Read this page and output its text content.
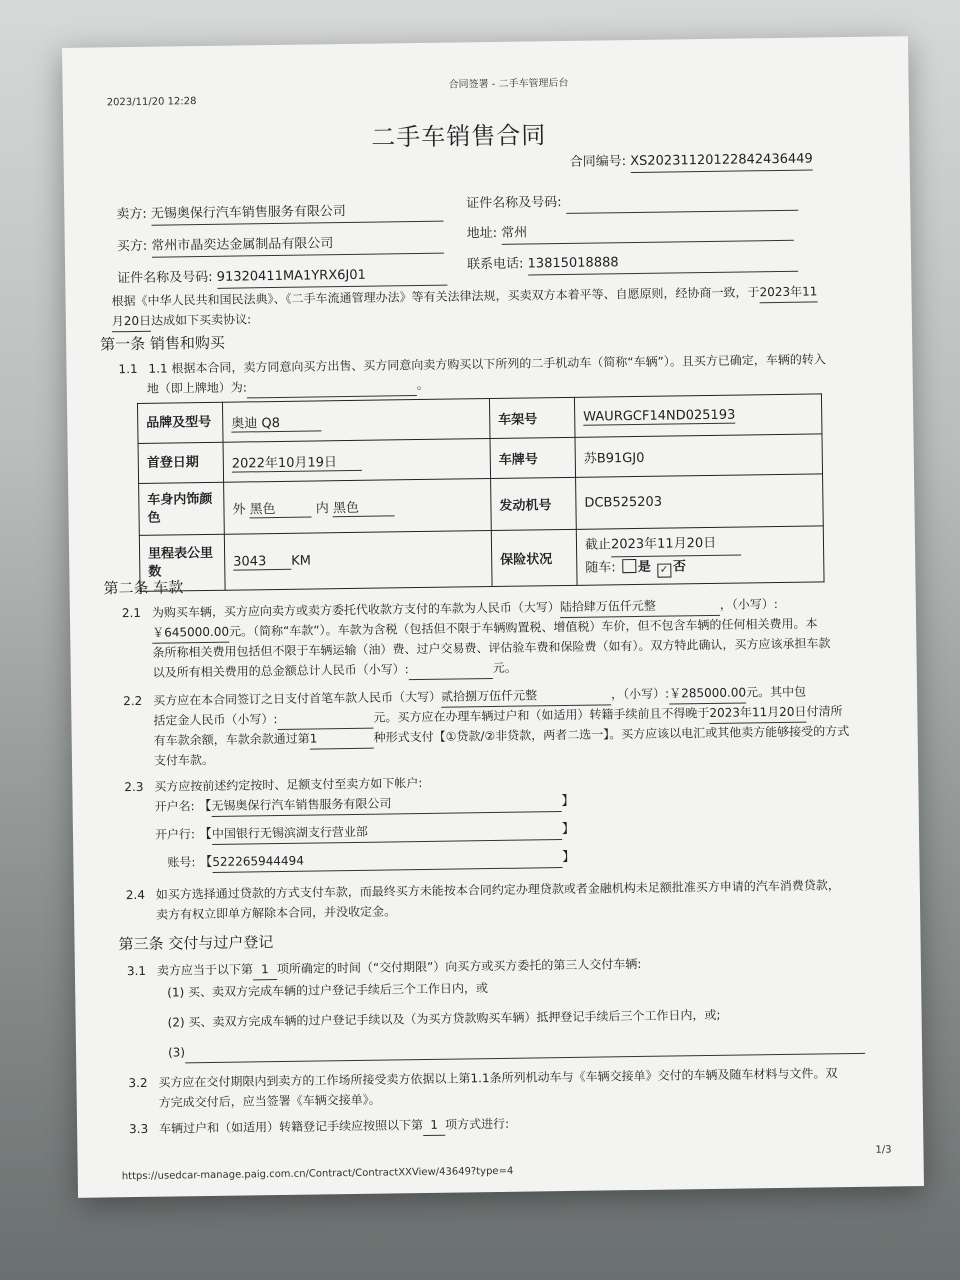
2023/11/20 12:28
合同签署 - 二手车管理后台
二手车销售合同
合同编号: XS20231120122842436449
卖方: 无锡奥保行汽车销售服务有限公司
证件名称及号码:
买方: 常州市晶奕达金属制品有限公司
地址: 常州
证件名称及号码: 91320411MA1YRX6J01
联系电话: 13815018888
根据《中华人民共和国民法典》、《二手车流通管理办法》等有关法律法规，买卖双方本着平等、自愿原则，经协商一致，于2023年11
月20日达成如下买卖协议:
第一条 销售和购买
1.1 1.1 根据本合同，卖方同意向买方出售、买方同意向卖方购买以下所列的二手机动车（简称“车辆”）。且买方已确定，车辆的转入
地（即上牌地）为:	。
品牌及型号	奥迪 Q8	车架号	WAURGCF14ND025193
首登日期	2022年10月19日	车牌号	苏B91GJ0
车身内饰颜色	外 黑色 内 黑色	发动机号	DCB525203
里程表公里数	3043 KM	保险状况	截止2023年11月20日
随车: 是 ✓ 否
第二条 车款
2.1 为购买车辆，买方应向卖方或卖方委托代收款方支付的车款为人民币（大写）陆拾肆万伍仟元整	，（小写）:
￥645000.00元。（简称“车款”）。车款为含税（包括但不限于车辆购置税、增值税）车价，但不包含车辆的任何相关费用。本
条所称相关费用包括但不限于车辆运输（油）费、过户交易费、评估验车费和保险费（如有）。双方特此确认，买方应该承担车款
以及所有相关费用的总金额总计人民币（小写）:	元。
2.2 买方应在本合同签订之日支付首笔车款人民币（大写）贰拾捌万伍仟元整	，（小写）:￥285000.00元。其中包
括定金人民币（小写）:	元。买方应在办理车辆过户和（如适用）转籍手续前且不得晚于2023年11月20日付清所
有车款余额，车款余款通过第1	种形式支付【①贷款/②非贷款，两者二选一】。买方应该以电汇或其他卖方能够接受的方式
支付车款。
2.3 买方应按前述约定按时、足额支付至卖方如下帐户:
开户名: 【无锡奥保行汽车销售服务有限公司	】
开户行: 【中国银行无锡滨湖支行营业部	】
账号: 【522265944494	】
2.4 如买方选择通过贷款的方式支付车款，而最终买方未能按本合同约定办理贷款或者金融机构未足额批准买方申请的汽车消费贷款，
卖方有权立即单方解除本合同，并没收定金。
第三条 交付与过户登记
3.1 卖方应当于以下第 1 项所确定的时间（“交付期限”）向买方或买方委托的第三人交付车辆:
(1) 买、卖双方完成车辆的过户登记手续后三个工作日内，或
(2) 买、卖双方完成车辆的过户登记手续以及（为买方贷款购买车辆）抵押登记手续后三个工作日内，或;
(3)
3.2 买方应在交付期限内到卖方的工作场所接受卖方依据以上第1.1条所列机动车与《车辆交接单》交付的车辆及随车材料与文件。双
方完成交付后，应当签署《车辆交接单》。
3.3 车辆过户和（如适用）转籍登记手续应按照以下第 1 项方式进行:
https://usedcar-manage.paig.com.cn/Contract/ContractXXView/43649?type=4
1/3
